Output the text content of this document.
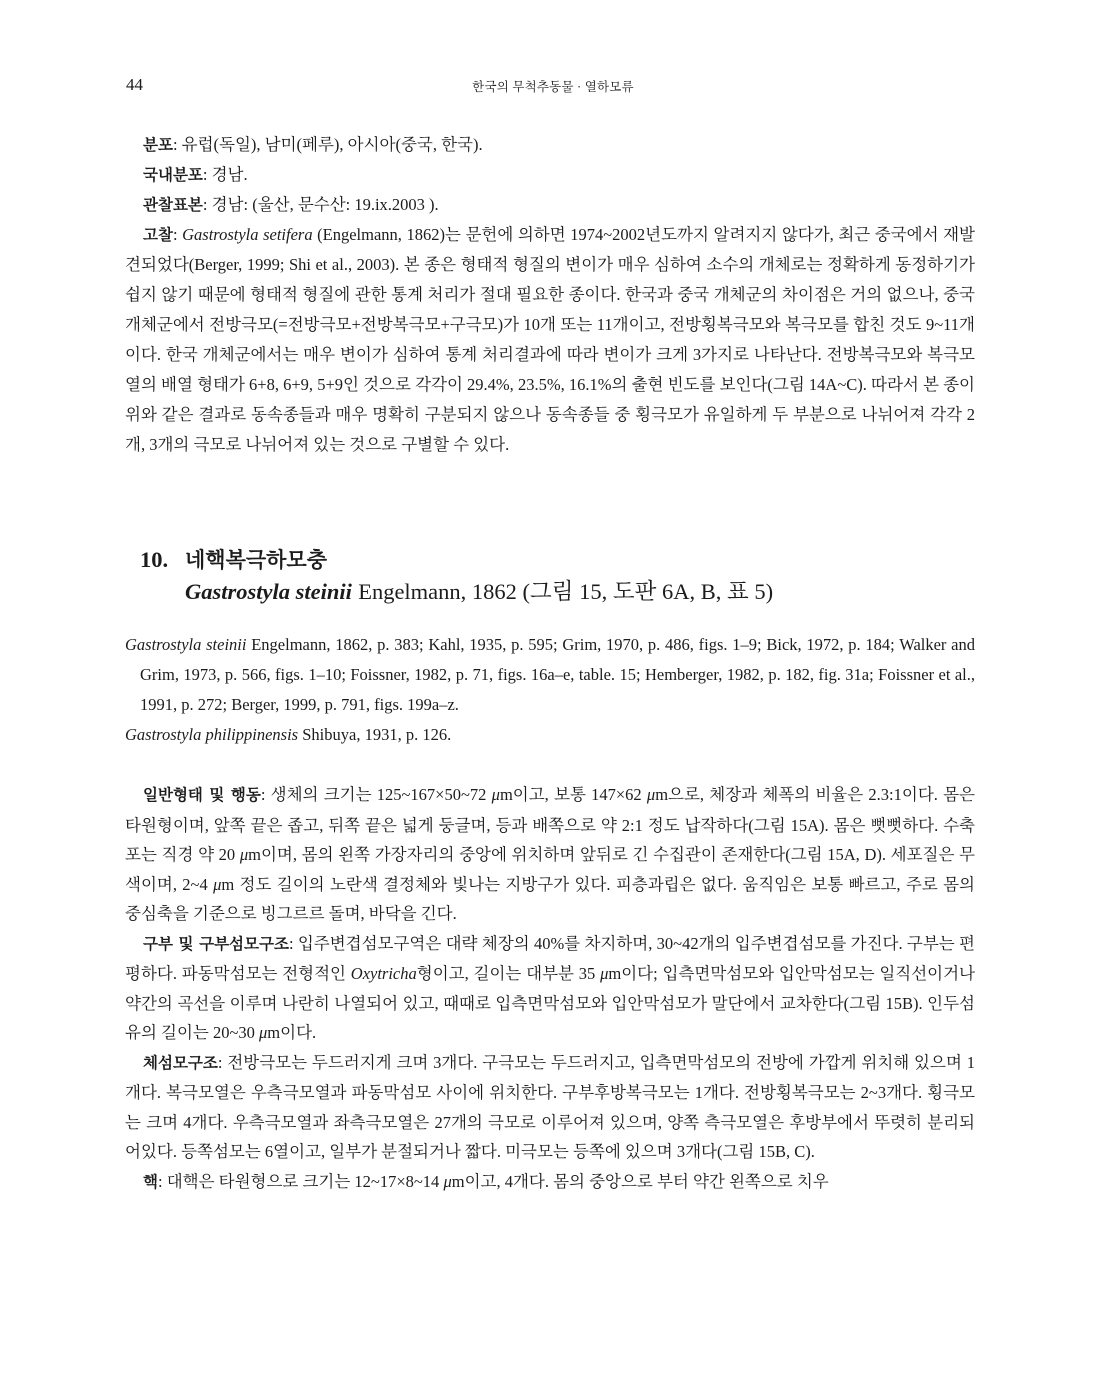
44	한국의 무척추동물 · 열하모류

분포: 유럽(독일), 남미(페루), 아시아(중국, 한국).

국내분포: 경남.

관찰표본: 경남: (울산, 문수산: 19.ix.2003 ).

고찰: Gastrostyla setifera (Engelmann, 1862)는 문헌에 의하면 1974~2002년도까지 알려지지 않다가, 최근 중국에서 재발견되었다(Berger, 1999; Shi et al., 2003). 본 종은 형태적 형질의 변이가 매우 심하여 소수의 개체로는 정확하게 동정하기가 쉽지 않기 때문에 형태적 형질에 관한 통계 처리가 절대 필요한 종이다. 한국과 중국 개체군의 차이점은 거의 없으나, 중국 개체군에서 전방극모(=전방극모+전방복극모+구극모)가 10개 또는 11개이고, 전방횡복극모와 복극모를 합친 것도 9~11개이다. 한국 개체군에서는 매우 변이가 심하여 통계 처리결과에 따라 변이가 크게 3가지로 나타난다. 전방복극모와 복극모열의 배열 형태가 6+8, 6+9, 5+9인 것으로 각각이 29.4%, 23.5%, 16.1%의 출현 빈도를 보인다(그림 14A~C). 따라서 본 종이 위와 같은 결과로 동속종들과 매우 명확히 구분되지 않으나 동속종들 중 횡극모가 유일하게 두 부분으로 나뉘어져 각각 2개, 3개의 극모로 나뉘어져 있는 것으로 구별할 수 있다.

10. 네핵복극하모충
Gastrostyla steinii Engelmann, 1862 (그림 15, 도판 6A, B, 표 5)
Gastrostyla steinii Engelmann, 1862, p. 383; Kahl, 1935, p. 595; Grim, 1970, p. 486, figs. 1–9; Bick, 1972, p. 184; Walker and Grim, 1973, p. 566, figs. 1–10; Foissner, 1982, p. 71, figs. 16a–e, table. 15; Hemberger, 1982, p. 182, fig. 31a; Foissner et al., 1991, p. 272; Berger, 1999, p. 791, figs. 199a–z.
Gastrostyla philippinensis Shibuya, 1931, p. 126.

일반형태 및 행동: 생체의 크기는 125~167×50~72 μm이고, 보통 147×62 μm으로, 체장과 체폭의 비율은 2.3:1이다. 몸은 타원형이며, 앞쪽 끝은 좁고, 뒤쪽 끝은 넓게 둥글며, 등과 배쪽으로 약 2:1 정도 납작하다(그림 15A). 몸은 뻣뻣하다. 수축포는 직경 약 20 μm이며, 몸의 왼쪽 가장자리의 중앙에 위치하며 앞뒤로 긴 수집관이 존재한다(그림 15A, D). 세포질은 무색이며, 2~4 μm 정도 길이의 노란색 결정체와 빛나는 지방구가 있다. 피층과립은 없다. 움직임은 보통 빠르고, 주로 몸의 중심축을 기준으로 빙그르르 돌며, 바닥을 긴다.

구부 및 구부섬모구조: 입주변겹섬모구역은 대략 체장의 40%를 차지하며, 30~42개의 입주변겹섬모를 가진다. 구부는 편평하다. 파동막섬모는 전형적인 Oxytricha형이고, 길이는 대부분 35 μm이다; 입측면막섬모와 입안막섬모는 일직선이거나 약간의 곡선을 이루며 나란히 나열되어 있고, 때때로 입측면막섬모와 입안막섬모가 말단에서 교차한다(그림 15B). 인두섬유의 길이는 20~30 μm이다.

체섬모구조: 전방극모는 두드러지게 크며 3개다. 구극모는 두드러지고, 입측면막섬모의 전방에 가깝게 위치해 있으며 1개다. 복극모열은 우측극모열과 파동막섬모 사이에 위치한다. 구부후방복극모는 1개다. 전방횡복극모는 2~3개다. 횡극모는 크며 4개다. 우측극모열과 좌측극모열은 27개의 극모로 이루어져 있으며, 양쪽 측극모열은 후방부에서 뚜렷히 분리되어있다. 등쪽섬모는 6열이고, 일부가 분절되거나 짧다. 미극모는 등쪽에 있으며 3개다(그림 15B, C).

핵: 대핵은 타원형으로 크기는 12~17×8~14 μm이고, 4개다. 몸의 중앙으로 부터 약간 왼쪽으로 치우
